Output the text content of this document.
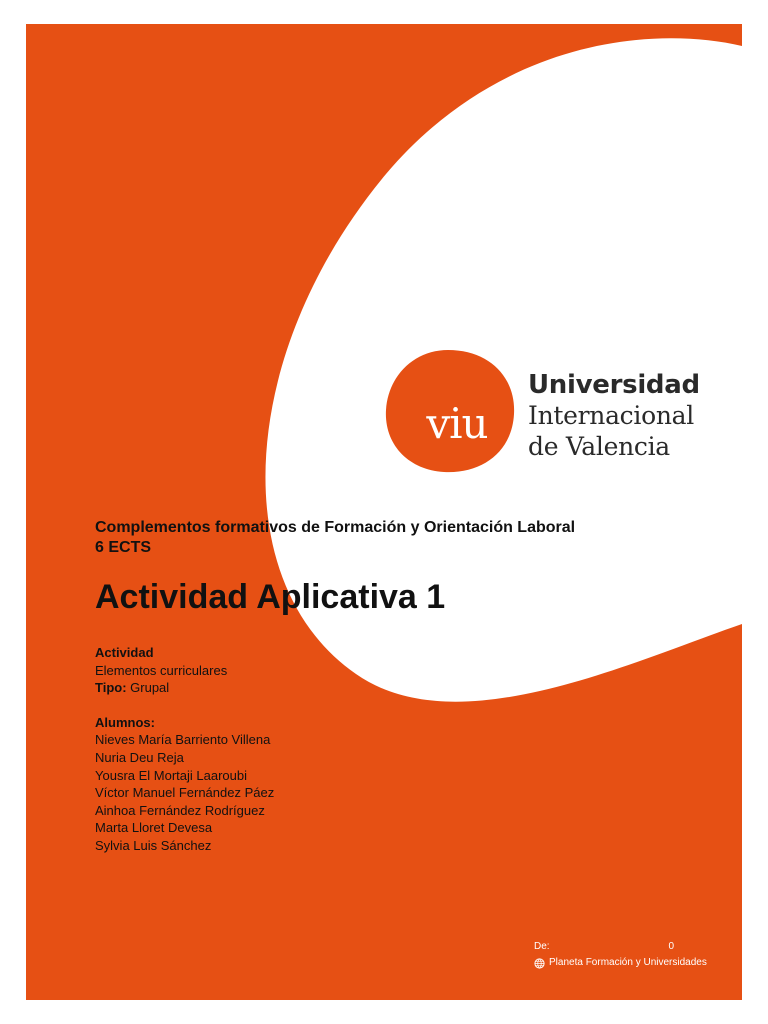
viu
Universidad
Internacional
de Valencia
Complementos formativos de Formación y Orientación Laboral
6 ECTS
Actividad Aplicativa 1
Actividad
Elementos curriculares
Tipo: Grupal
Alumnos:
Nieves María Barriento Villena
Nuria Deu Reja
Yousra El Mortaji Laaroubi
Víctor Manuel Fernández Páez
Ainhoa Fernández Rodríguez
Marta Lloret Devesa
Sylvia Luis Sánchez
De:	0
Planeta Formación y Universidades
